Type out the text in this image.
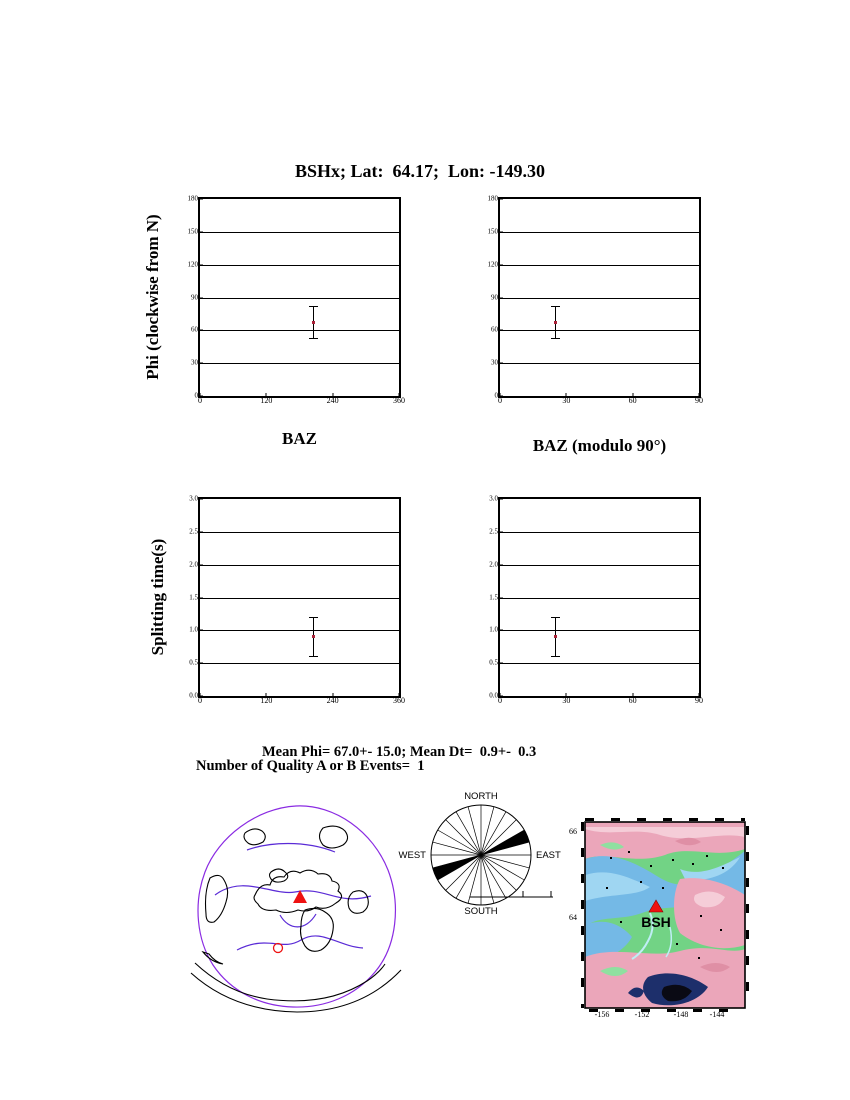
BSHx; Lat:  64.17;  Lon: -149.30
Phi (clockwise from N)
Splitting time(s)
0
30
60
90
120
150
180
0	120	240	360
0
30
60
90
120
150
180
0	30	60	90
0.0
0.5
1.0
1.5
2.0
2.5
3.0
0	120	240	360
0.0
0.5
1.0
1.5
2.0
2.5
3.0
0	30	60	90
BAZ	BAZ (modulo 90°)
Mean Phi= 67.0+- 15.0; Mean Dt=  0.9+-  0.3
Number of Quality A or B Events=  1
NORTH
SOUTH
EAST
WEST
BSH
66
64
-156	-152	-148	-144
